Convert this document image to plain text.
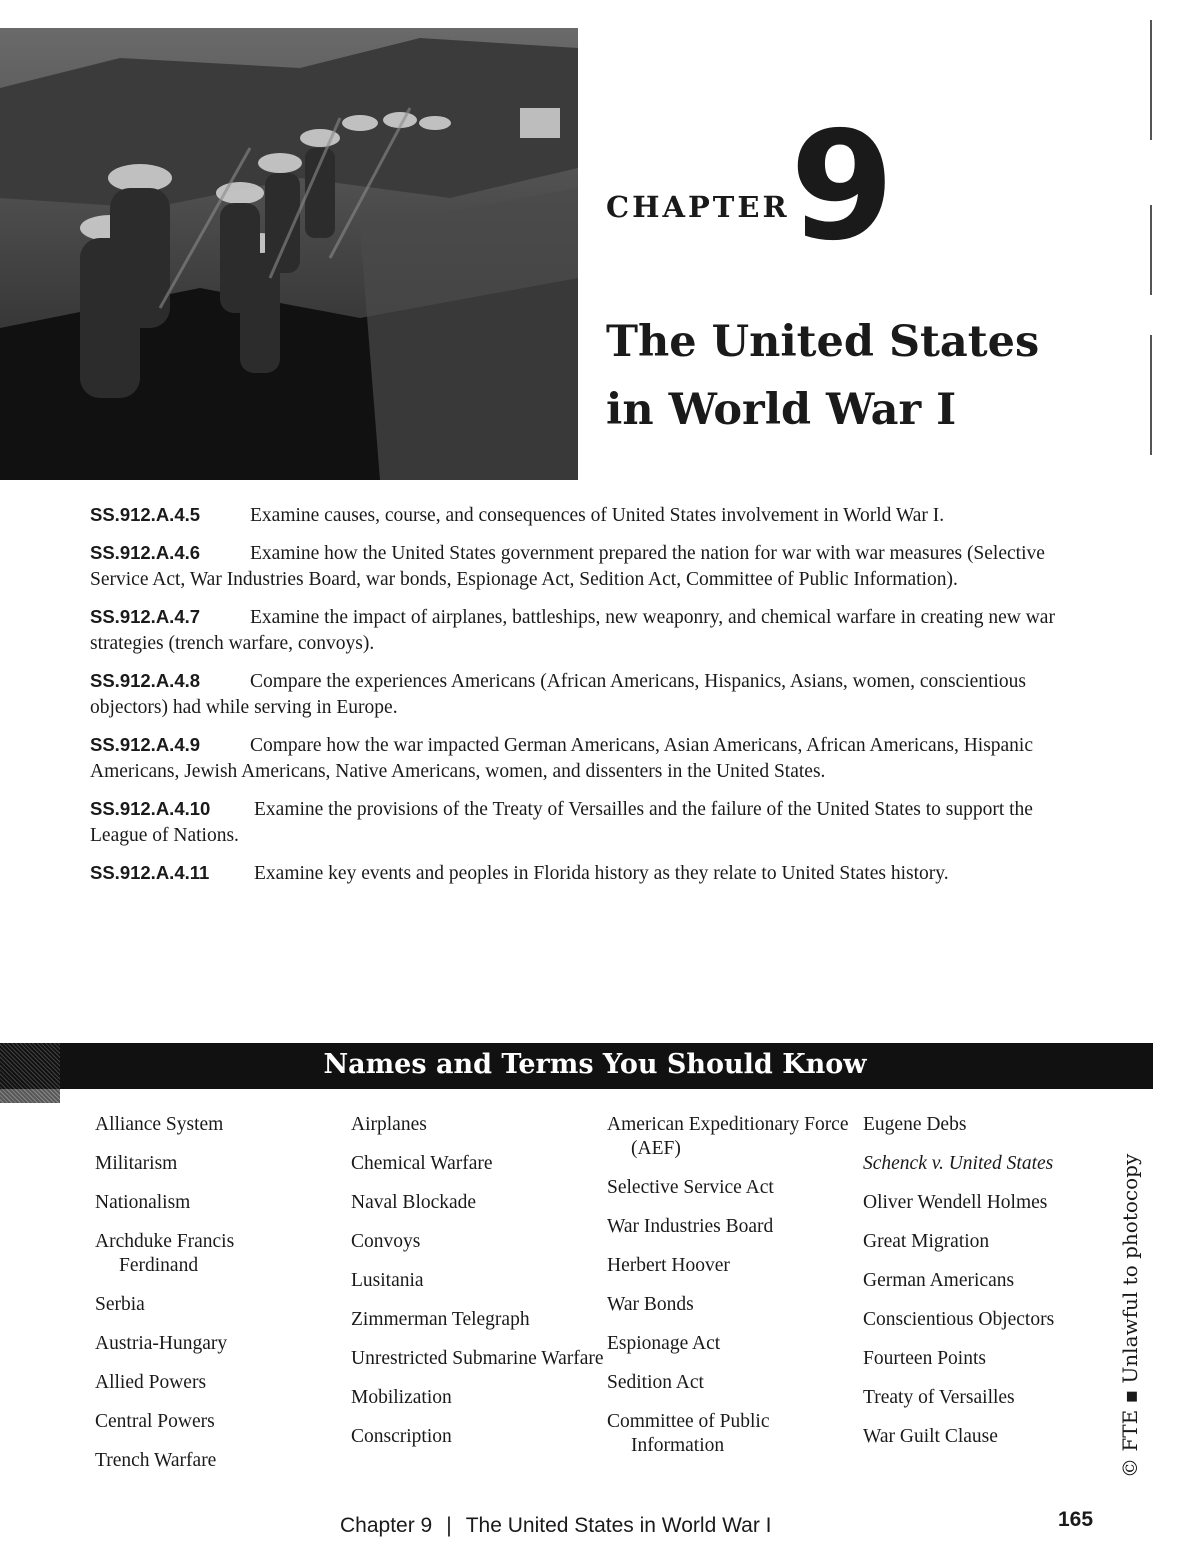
CHAPTER 9
The United States
in World War I

SS.912.A.4.5	Examine causes, course, and consequences of United States involvement in World War I.

SS.912.A.4.6	Examine how the United States government prepared the nation for war with war measures (Selective Service Act, War Industries Board, war bonds, Espionage Act, Sedition Act, Committee of Public Information).

SS.912.A.4.7	Examine the impact of airplanes, battleships, new weaponry, and chemical warfare in creating new war strategies (trench warfare, convoys).

SS.912.A.4.8	Compare the experiences Americans (African Americans, Hispanics, Asians, women, conscientious objectors) had while serving in Europe.

SS.912.A.4.9	Compare how the war impacted German Americans, Asian Americans, African Americans, Hispanic Americans, Jewish Americans, Native Americans, women, and dissenters in the United States.

SS.912.A.4.10 Examine the provisions of the Treaty of Versailles and the failure of the United States to support the League of Nations.

SS.912.A.4.11 Examine key events and peoples in Florida history as they relate to United States history.

Names and Terms You Should Know
Alliance System
Militarism
Nationalism
Archduke Francis Ferdinand
Serbia
Austria-Hungary
Allied Powers
Central Powers
Trench Warfare
Airplanes
Chemical Warfare
Naval Blockade
Convoys
Lusitania
Zimmerman Telegraph
Unrestricted Submarine Warfare
Mobilization
Conscription
American Expeditionary Force (AEF)
Selective Service Act
War Industries Board
Herbert Hoover
War Bonds
Espionage Act
Sedition Act
Committee of Public Information
Eugene Debs
Schenck v. United States
Oliver Wendell Holmes
Great Migration
German Americans
Conscientious Objectors
Fourteen Points
Treaty of Versailles
War Guilt Clause	© FTE ▪ Unlawful to photocopy
Chapter 9 | The United States in World War I	165
